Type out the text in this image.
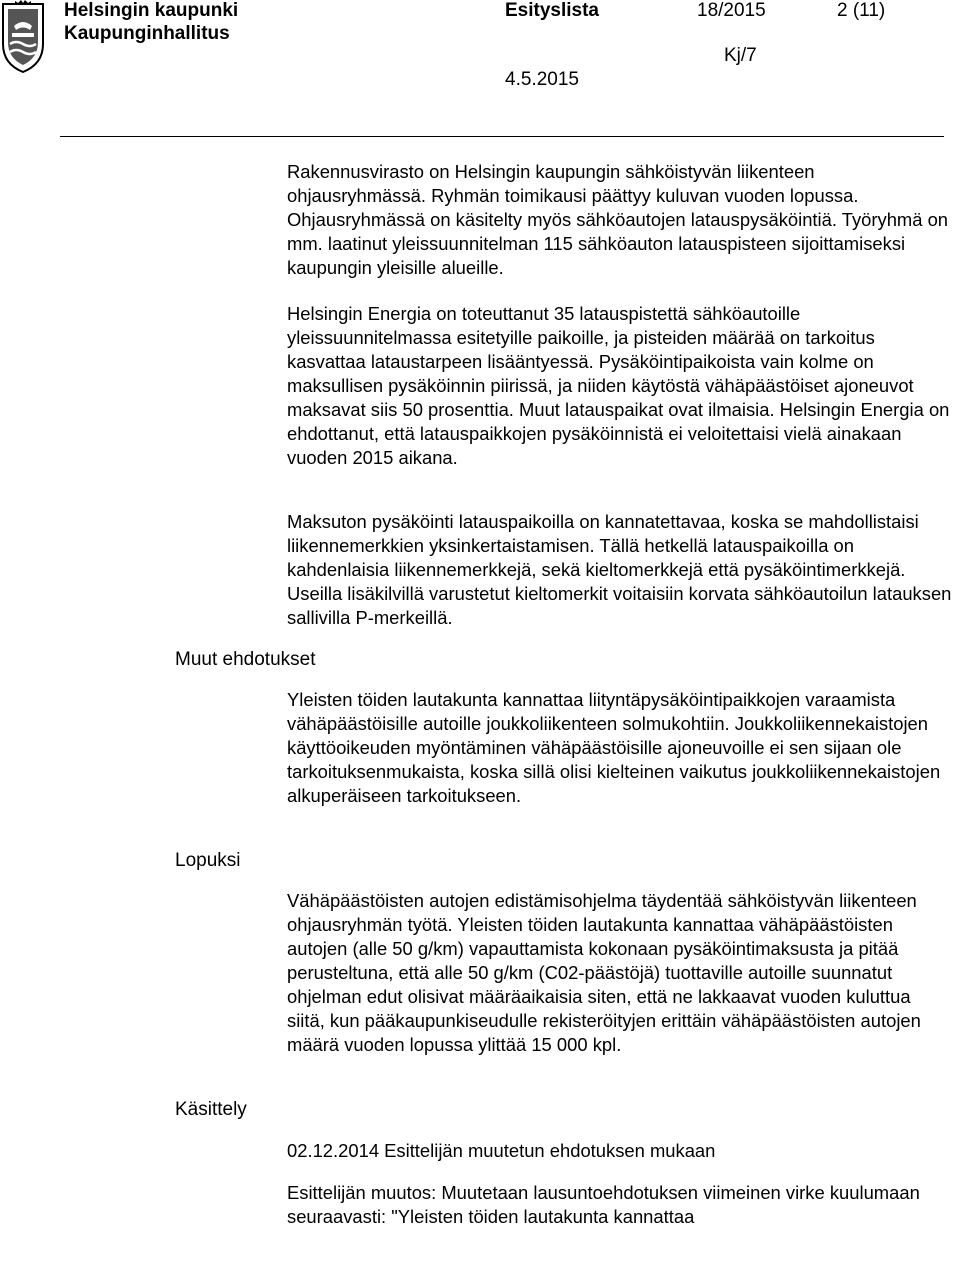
Helsingin kaupunki
Kaupunginhallitus
Esityslista	18/2015	2 (11)
Kj/7
4.5.2015
Muut ehdotukset
Lopuksi
Käsittely

Rakennusvirasto on Helsingin kaupungin sähköistyvän liikenteen ohjausryhmässä. Ryhmän toimikausi päättyy kuluvan vuoden lopussa. Ohjausryhmässä on käsitelty myös sähköautojen latauspysäköintiä. Työryhmä on mm. laatinut yleissuunnitelman 115 sähköauton latauspisteen sijoittamiseksi kaupungin yleisille alueille.

Helsingin Energia on toteuttanut 35 latauspistettä sähköautoille yleissuunnitelmassa esitetyille paikoille, ja pisteiden määrää on tarkoitus kasvattaa lataustarpeen lisääntyessä. Pysäköintipaikoista vain kolme on maksullisen pysäköinnin piirissä, ja niiden käytöstä vähäpäästöiset ajoneuvot maksavat siis 50 prosenttia. Muut latauspaikat ovat ilmaisia. Helsingin Energia on ehdottanut, että latauspaikkojen pysäköinnistä ei veloitettaisi vielä ainakaan vuoden 2015 aikana.

Maksuton pysäköinti latauspaikoilla on kannatettavaa, koska se mahdollistaisi liikennemerkkien yksinkertaistamisen. Tällä hetkellä latauspaikoilla on kahdenlaisia liikennemerkkejä, sekä kieltomerkkejä että pysäköintimerkkejä. Useilla lisäkilvillä varustetut kieltomerkit voitaisiin korvata sähköautoilun latauksen sallivilla P-merkeillä.

Yleisten töiden lautakunta kannattaa liityntäpysäköintipaikkojen varaamista vähäpäästöisille autoille joukkoliikenteen solmukohtiin. Joukkoliikennekaistojen käyttöoikeuden myöntäminen vähäpäästöisille ajoneuvoille ei sen sijaan ole tarkoituksenmukaista, koska sillä olisi kielteinen vaikutus joukkoliikennekaistojen alkuperäiseen tarkoitukseen.

Vähäpäästöisten autojen edistämisohjelma täydentää sähköistyvän liikenteen ohjausryhmän työtä. Yleisten töiden lautakunta kannattaa vähäpäästöisten autojen (alle 50 g/km) vapauttamista kokonaan pysäköintimaksusta ja pitää perusteltuna, että alle 50 g/km (C02-päästöjä) tuottaville autoille suunnatut ohjelman edut olisivat määräaikaisia siten, että ne lakkaavat vuoden kuluttua siitä, kun pääkaupunkiseudulle rekisteröityjen erittäin vähäpäästöisten autojen määrä vuoden lopussa ylittää 15 000 kpl.

02.12.2014 Esittelijän muutetun ehdotuksen mukaan

Esittelijän muutos: Muutetaan lausuntoehdotuksen viimeinen virke kuulumaan seuraavasti: "Yleisten töiden lautakunta kannattaa
